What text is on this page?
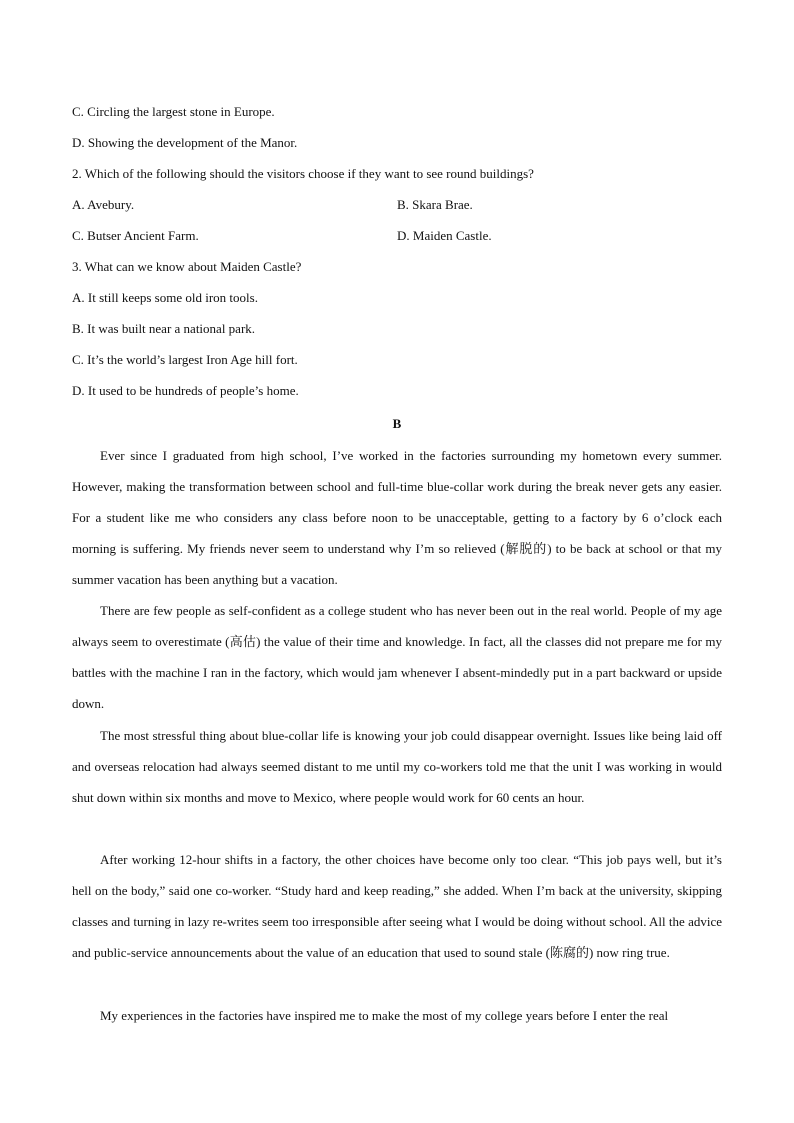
C. Circling the largest stone in Europe.
D. Showing the development of the Manor.
2. Which of the following should the visitors choose if they want to see round buildings?
A. Avebury.	B. Skara Brae.
C. Butser Ancient Farm.	D. Maiden Castle.
3. What can we know about Maiden Castle?
A. It still keeps some old iron tools.
B. It was built near a national park.
C. It’s the world’s largest Iron Age hill fort.
D. It used to be hundreds of people’s home.
B

Ever since I graduated from high school, I’ve worked in the factories surrounding my hometown every summer. However, making the transformation between school and full-time blue-collar work during the break never gets any easier. For a student like me who considers any class before noon to be unacceptable, getting to a factory by 6 o’clock each morning is suffering. My friends never seem to understand why I’m so relieved (解脱的) to be back at school or that my summer vacation has been anything but a vacation.

There are few people as self-confident as a college student who has never been out in the real world. People of my age always seem to overestimate (高估) the value of their time and knowledge. In fact, all the classes did not prepare me for my battles with the machine I ran in the factory, which would jam whenever I absent-mindedly put in a part backward or upside down.

The most stressful thing about blue-collar life is knowing your job could disappear overnight. Issues like being laid off and overseas relocation had always seemed distant to me until my co-workers told me that the unit I was working in would shut down within six months and move to Mexico, where people would work for 60 cents an hour.

After working 12-hour shifts in a factory, the other choices have become only too clear. “This job pays well, but it’s hell on the body,” said one co-worker. “Study hard and keep reading,” she added. When I’m back at the university, skipping classes and turning in lazy re-writes seem too irresponsible after seeing what I would be doing without school. All the advice and public-service announcements about the value of an education that used to sound stale (陈腐的) now ring true.

My experiences in the factories have inspired me to make the most of my college years before I enter the real
